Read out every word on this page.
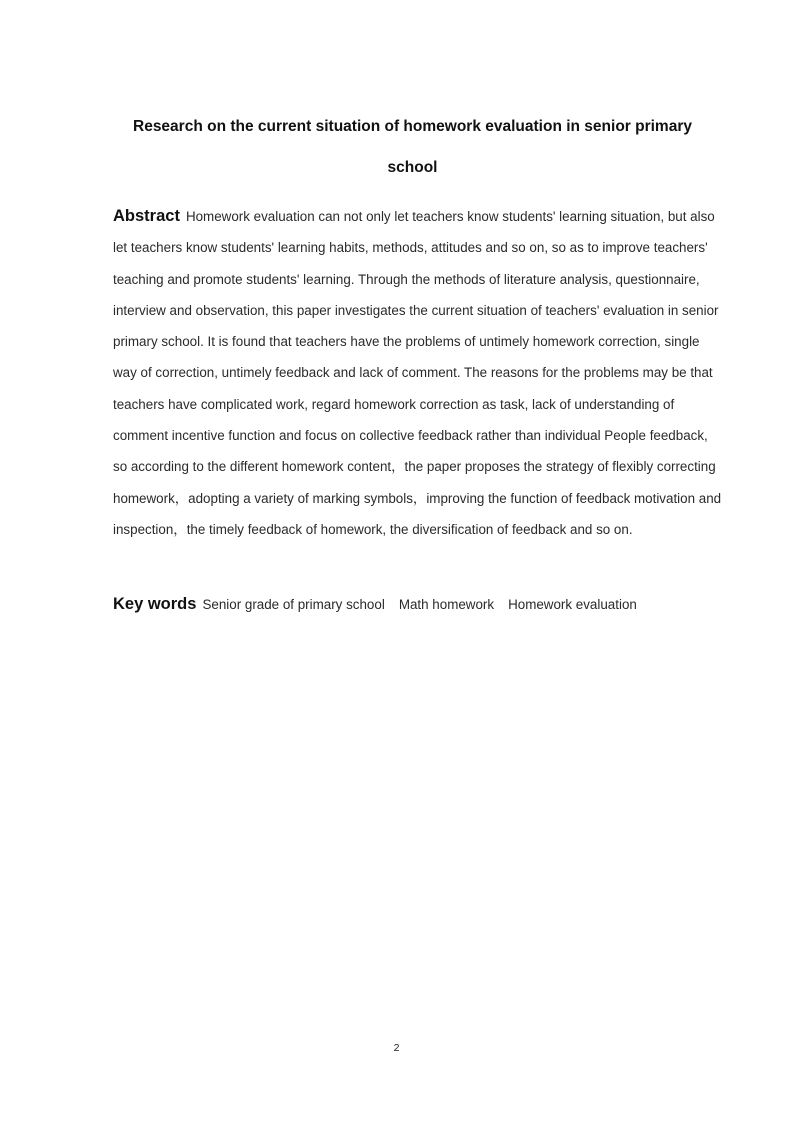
Research on the current situation of homework evaluation in senior primary
school

Abstract Homework evaluation can not only let teachers know students' learning situation, but also let teachers know students' learning habits, methods, attitudes and so on, so as to improve teachers' teaching and promote students' learning. Through the methods of literature analysis, questionnaire, interview and observation, this paper investigates the current situation of teachers' evaluation in senior primary school. It is found that teachers have the problems of untimely homework correction, single way of correction, untimely feedback and lack of comment. The reasons for the problems may be that teachers have complicated work, regard homework correction as task, lack of understanding of comment incentive function and focus on collective feedback rather than individual People feedback, so according to the different homework content，the paper proposes the strategy of flexibly correcting homework，adopting a variety of marking symbols，improving the function of feedback motivation and inspection，the timely feedback of homework, the diversification of feedback and so on.

Key words Senior grade of primary school Math homework Homework evaluation
2
